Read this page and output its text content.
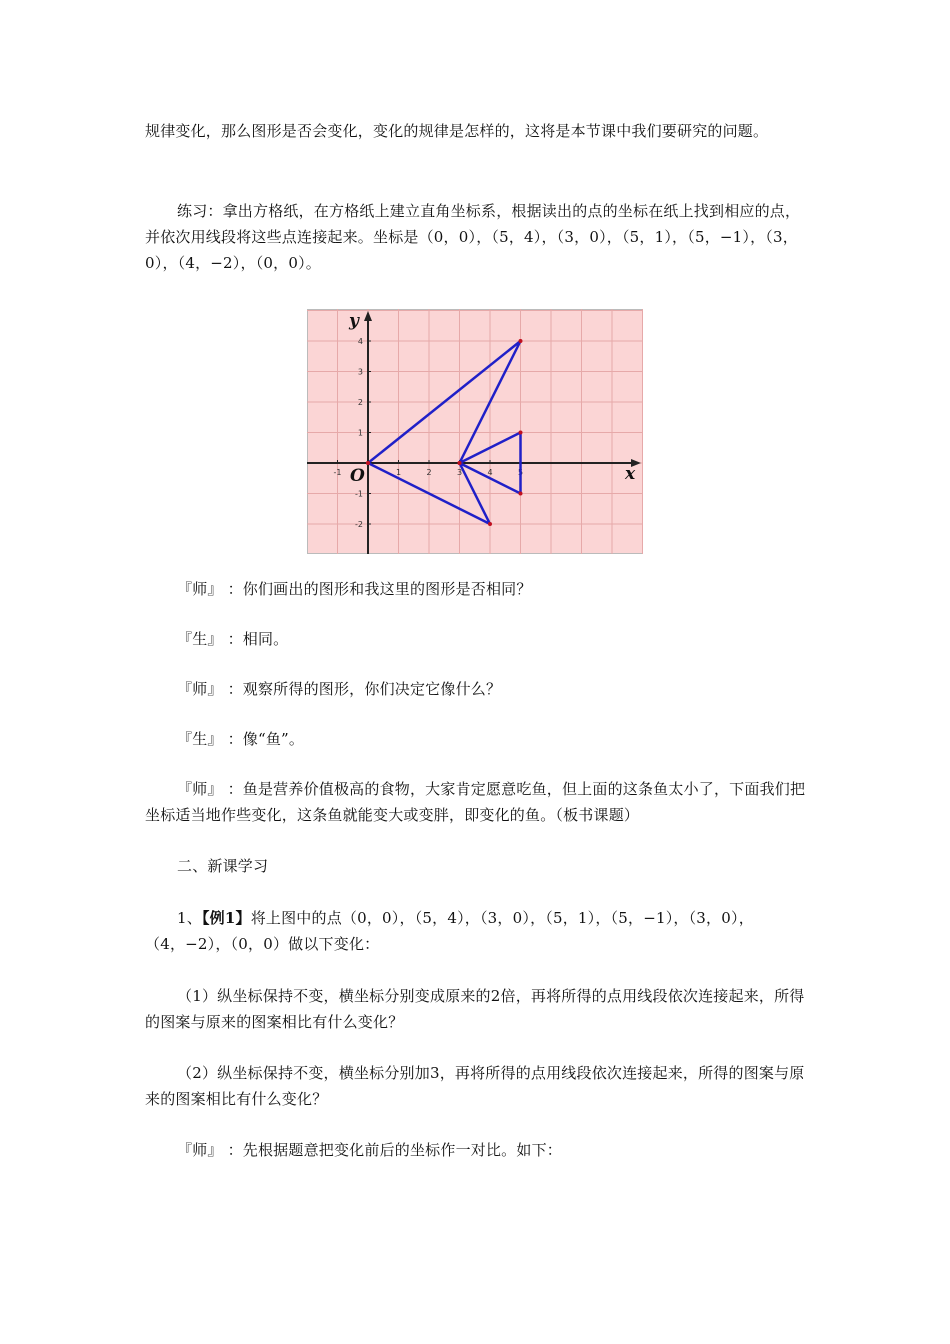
规律变化，那么图形是否会变化，变化的规律是怎样的，这将是本节课中我们要研究的问题。

练习：拿出方格纸，在方格纸上建立直角坐标系，根据读出的点的坐标在纸上找到相应的点，并依次用线段将这些点连接起来。坐标是（0，0），（5，4），（3，0），（5，1），（5，−1），（3，0），（4，−2），（0，0）。

-1	1	2	3	4	5
4
3
2
1
-1
-2
x
y
O

『师』 ：你们画出的图形和我这里的图形是否相同？

『生』 ：相同。

『师』 ：观察所得的图形，你们决定它像什么？

『生』 ：像“鱼”。

『师』 ：鱼是营养价值极高的食物，大家肯定愿意吃鱼，但上面的这条鱼太小了，下面我们把坐标适当地作些变化，这条鱼就能变大或变胖，即变化的鱼。（板书课题）

二、新课学习

1、【例1】将上图中的点（0，0），（5，4），（3，0），（5，1），（5，−1），（3，0），（4，−2），（0，0）做以下变化：

（1）纵坐标保持不变，横坐标分别变成原来的2倍，再将所得的点用线段依次连接起来，所得的图案与原来的图案相比有什么变化？

（2）纵坐标保持不变，横坐标分别加3，再将所得的点用线段依次连接起来，所得的图案与原来的图案相比有什么变化？

『师』 ：先根据题意把变化前后的坐标作一对比。如下：
